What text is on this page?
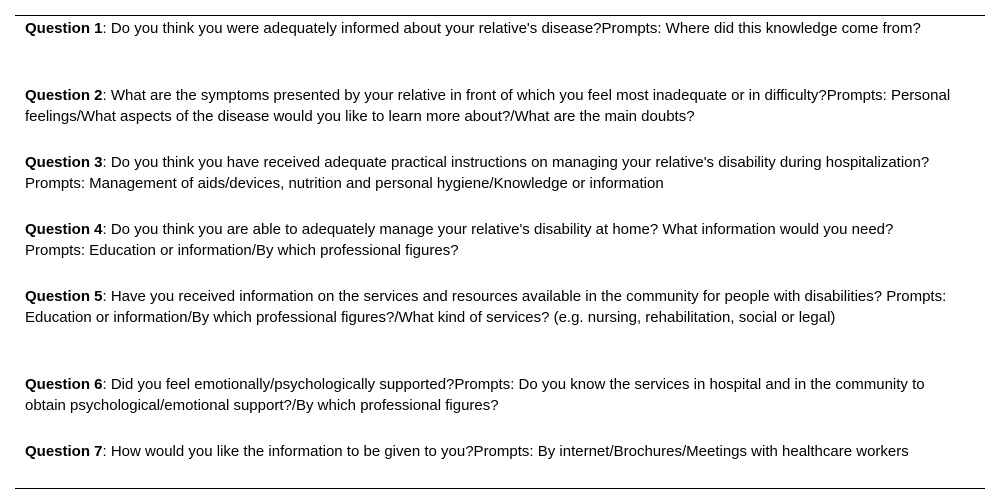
Question 1: Do you think you were adequately informed about your relative's disease?Prompts: Where did this knowledge come from?

Question 2: What are the symptoms presented by your relative in front of which you feel most inadequate or in difficulty?Prompts: Personal feelings/What aspects of the disease would you like to learn more about?/What are the main doubts?

Question 3: Do you think you have received adequate practical instructions on managing your relative's disability during hospitalization?Prompts: Management of aids/devices, nutrition and personal hygiene/Knowledge or information

Question 4: Do you think you are able to adequately manage your relative's disability at home? What information would you need? Prompts: Education or information/By which professional figures?

Question 5: Have you received information on the services and resources available in the community for people with disabilities? Prompts: Education or information/By which professional figures?/What kind of services? (e.g. nursing, rehabilitation, social or legal)

Question 6: Did you feel emotionally/psychologically supported?Prompts: Do you know the services in hospital and in the community to obtain psychological/emotional support?/By which professional figures?

Question 7: How would you like the information to be given to you?Prompts: By internet/Brochures/Meetings with healthcare workers
